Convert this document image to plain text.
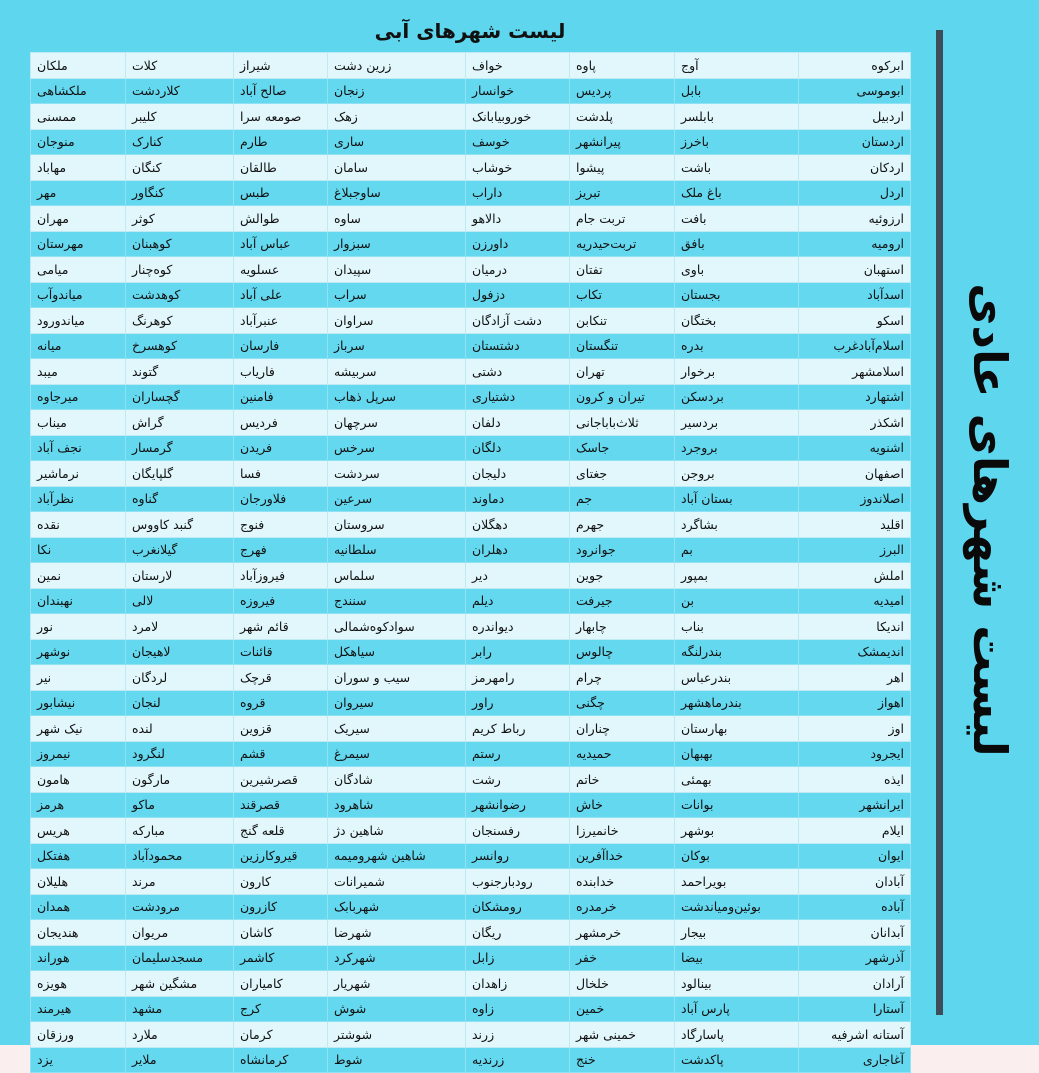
لیست شهرهای آبی
ابرکوه	آوج	پاوه	خواف	زرین دشت	شیراز	کلات	ملکان
ابوموسی	بابل	پردیس	خوانسار	زنجان	صالح آباد	کلاردشت	ملکشاهی
اردبیل	بابلسر	پلدشت	خوروبیابانک	زهک	صومعه سرا	کلیبر	ممسنی
اردستان	باخرز	پیرانشهر	خوسف	ساری	طارم	کنارک	منوجان
اردکان	باشت	پیشوا	خوشاب	سامان	طالقان	کنگان	مهاباد
اردل	باغ ملک	تبریز	داراب	ساوجبلاغ	طبس	کنگاور	مهر
ارزوئیه	بافت	تربت جام	دالاهو	ساوه	طوالش	کوثر	مهران
ارومیه	بافق	تربت‌حیدریه	داورزن	سبزوار	عباس آباد	کوهبنان	مهرستان
استهبان	باوی	تفتان	درمیان	سپیدان	عسلویه	کوه‌چنار	میامی
اسدآباد	بجستان	تکاب	دزفول	سراب	علی آباد	کوهدشت	میاندوآب
اسکو	بختگان	تنکابن	دشت آزادگان	سراوان	عنبرآباد	کوهرنگ	میاندورود
اسلام‌آبادغرب	بدره	تنگستان	دشتستان	سرباز	فارسان	کوهسرخ	میانه
اسلامشهر	برخوار	تهران	دشتی	سربیشه	فاریاب	گتوند	میبد
اشتهارد	بردسکن	تیران و کرون	دشتیاری	سرپل ذهاب	فامنین	گچساران	میرجاوه
اشکذر	بردسیر	ثلاث‌باباجانی	دلفان	سرچهان	فردیس	گراش	میناب
اشنویه	بروجرد	جاسک	دلگان	سرخس	فریدن	گرمسار	نجف آباد
اصفهان	بروجن	جغتای	دلیجان	سردشت	فسا	گلپایگان	نرماشیر
اصلاندوز	بستان آباد	جم	دماوند	سرعین	فلاورجان	گناوه	نظرآباد
اقلید	بشاگرد	جهرم	دهگلان	سروستان	فنوج	گنبد کاووس	نقده
البرز	بم	جوانرود	دهلران	سلطانیه	فهرج	گیلانغرب	نکا
املش	بمپور	جوین	دیر	سلماس	فیروزآباد	لارستان	نمین
امیدیه	بن	جیرفت	دیلم	سنندج	فیروزه	لالی	نهبندان
اندیکا	بناب	چابهار	دیواندره	سوادکوه‌شمالی	قائم شهر	لامرد	نور
اندیمشک	بندرلنگه	چالوس	رابر	سیاهکل	قائنات	لاهیجان	نوشهر
اهر	بندرعباس	چرام	رامهرمز	سیب و سوران	قرچک	لردگان	نیر
اهواز	بندرماهشهر	چگنی	راور	سیروان	قروه	لنجان	نیشابور
اوز	بهارستان	چناران	رباط کریم	سیریک	قزوین	لنده	نیک شهر
ایجرود	بهبهان	حمیدیه	رستم	سیمرغ	قشم	لنگرود	نیمروز
ایذه	بهمئی	خاتم	رشت	شادگان	قصرشیرین	مارگون	هامون
ایرانشهر	بوانات	خاش	رضوانشهر	شاهرود	قصرقند	ماکو	هرمز
ایلام	بوشهر	خانمیرزا	رفسنجان	شاهین دژ	قلعه گنج	مبارکه	هریس
ایوان	بوکان	خداآفرین	روانسر	شاهین شهرومیمه	قیروکارزین	محمودآباد	هفتکل
آبادان	بویراحمد	خدابنده	رودبارجنوب	شمیرانات	کارون	مرند	هلیلان
آباده	بوئین‌ومیاندشت	خرمدره	رومشکان	شهربابک	کازرون	مرودشت	همدان
آبدانان	بیجار	خرمشهر	ریگان	شهرضا	کاشان	مریوان	هندیجان
آذرشهر	بیضا	خفر	زابل	شهرکرد	کاشمر	مسجدسلیمان	هوراند
آرادان	بینالود	خلخال	زاهدان	شهریار	کامیاران	مشگین شهر	هویزه
آستارا	پارس آباد	خمین	زاوه	شوش	کرج	مشهد	هیرمند
آستانه اشرفیه	پاسارگاد	خمینی شهر	زرند	شوشتر	کرمان	ملارد	ورزقان
آغاجاری	پاکدشت	خنج	زرندیه	شوط	کرمانشاه	ملایر	یزد
لیست شهرهای عادی
